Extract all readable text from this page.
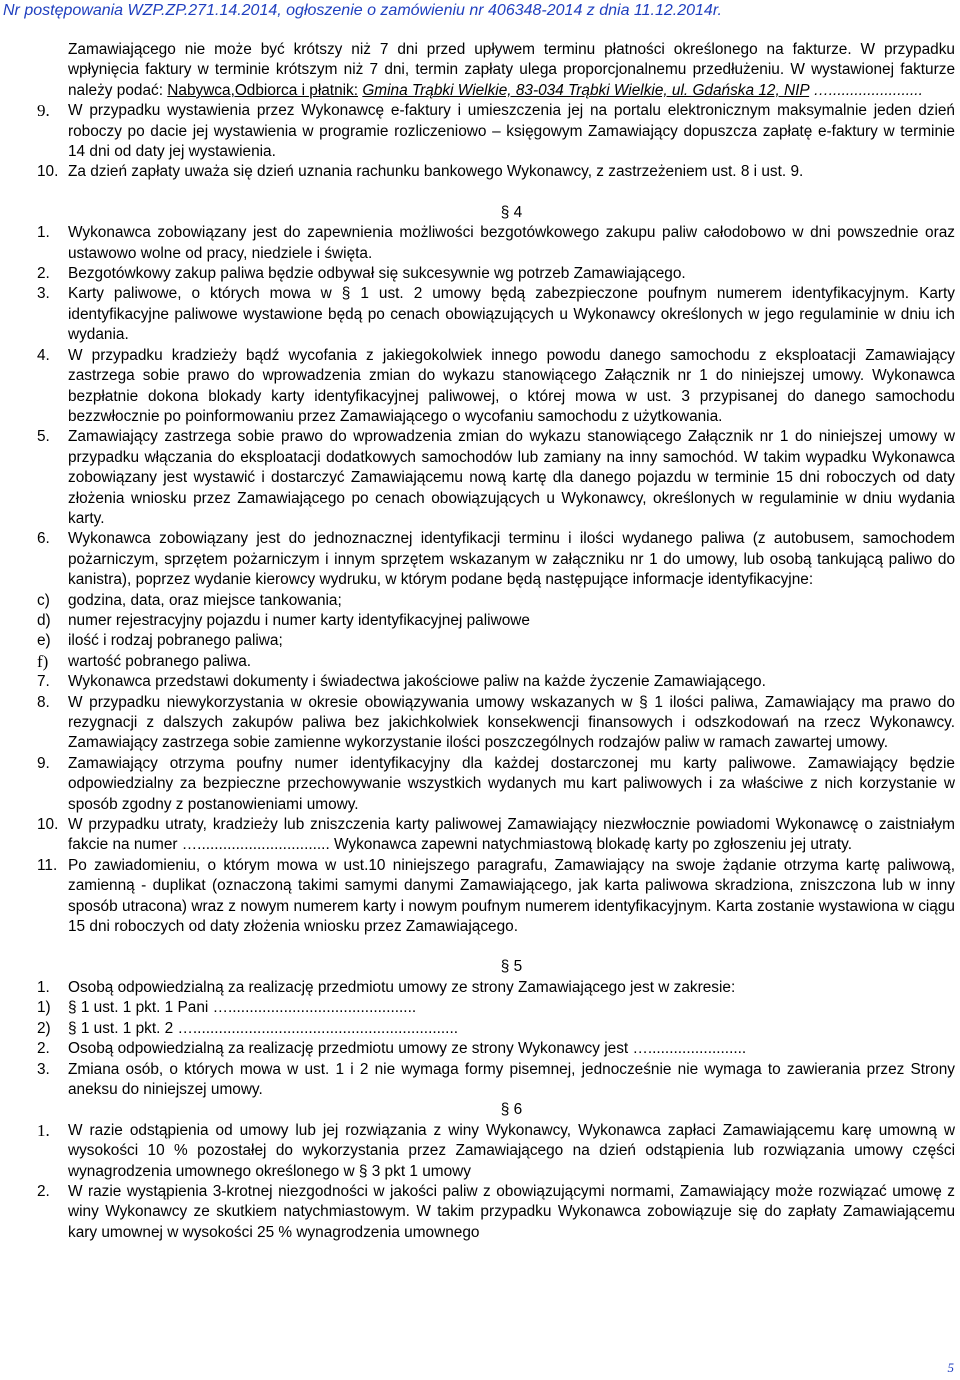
Nr postępowania WZP.ZP.271.14.2014, ogłoszenie o zamówieniu nr 406348-2014 z dnia 11.12.2014r.
Zamawiającego nie może być krótszy niż 7 dni przed upływem terminu płatności określonego na fakturze. W przypadku wpłynięcia faktury w terminie krótszym niż 7 dni, termin zapłaty ulega proporcjonalnemu przedłużeniu. W wystawionej fakturze należy podać: Nabywca,Odbiorca i płatnik: Gmina Trąbki Wielkie, 83-034 Trąbki Wielkie, ul. Gdańska 12, NIP …......................
9.	W przypadku wystawienia przez Wykonawcę e-faktury i umieszczenia jej na portalu elektronicznym maksymalnie jeden dzień roboczy po dacie jej wystawienia w programie rozliczeniowo – księgowym Zamawiający dopuszcza zapłatę e-faktury w terminie 14 dni od daty jej wystawienia.
10. Za dzień zapłaty uważa się dzień uznania rachunku bankowego Wykonawcy, z zastrzeżeniem ust. 8 i ust. 9.
§ 4
1.	Wykonawca zobowiązany jest do zapewnienia możliwości bezgotówkowego zakupu paliw całodobowo w dni powszednie oraz ustawowo wolne od pracy, niedziele i święta.
2.	Bezgotówkowy zakup paliwa będzie odbywał się sukcesywnie wg potrzeb Zamawiającego.
3.	Karty paliwowe, o których mowa w § 1 ust. 2 umowy będą zabezpieczone poufnym numerem identyfikacyjnym. Karty identyfikacyjne paliwowe wystawione będą po cenach obowiązujących u Wykonawcy określonych w jego regulaminie w dniu ich wydania.
4.	W przypadku kradzieży bądź wycofania z jakiegokolwiek innego powodu danego samochodu z eksploatacji Zamawiający zastrzega sobie prawo do wprowadzenia zmian do wykazu stanowiącego Załącznik nr 1 do niniejszej umowy. Wykonawca bezpłatnie dokona blokady karty identyfikacyjnej paliwowej, o której mowa w ust. 3 przypisanej do danego samochodu bezzwłocznie po poinformowaniu przez Zamawiającego o wycofaniu samochodu z użytkowania.
5.	Zamawiający zastrzega sobie prawo do wprowadzenia zmian do wykazu stanowiącego Załącznik nr 1 do niniejszej umowy w przypadku włączania do eksploatacji dodatkowych samochodów lub zamiany na inny samochód. W takim wypadku Wykonawca zobowiązany jest wystawić i dostarczyć Zamawiającemu nową kartę dla danego pojazdu w terminie 15 dni roboczych od daty złożenia wniosku przez Zamawiającego po cenach obowiązujących u Wykonawcy, określonych w regulaminie w dniu wydania karty.
6.	Wykonawca zobowiązany jest do jednoznacznej identyfikacji terminu i ilości wydanego paliwa (z autobusem, samochodem pożarniczym, sprzętem pożarniczym i innym sprzętem wskazanym w załączniku nr 1 do umowy, lub osobą tankującą paliwo do kanistra), poprzez wydanie kierowcy wydruku, w którym podane będą następujące informacje identyfikacyjne:
c)	godzina, data, oraz miejsce tankowania;
d)	numer rejestracyjny pojazdu i numer karty identyfikacyjnej paliwowe
e)	ilość i rodzaj pobranego paliwa;
f)	wartość pobranego paliwa.
7.	Wykonawca przedstawi dokumenty i świadectwa jakościowe paliw na każde życzenie Zamawiającego.
8.	W przypadku niewykorzystania w okresie obowiązywania umowy wskazanych w § 1 ilości paliwa, Zamawiający ma prawo do rezygnacji z dalszych zakupów paliwa bez jakichkolwiek konsekwencji finansowych i odszkodowań na rzecz Wykonawcy. Zamawiający zastrzega sobie zamienne wykorzystanie ilości poszczególnych rodzajów paliw w ramach zawartej umowy.
9.	Zamawiający otrzyma poufny numer identyfikacyjny dla każdej dostarczonej mu karty paliwowe. Zamawiający będzie odpowiedzialny za bezpieczne przechowywanie wszystkich wydanych mu kart paliwowych i za właściwe z nich korzystanie w sposób zgodny z postanowieniami umowy.
10. W przypadku utraty, kradzieży lub zniszczenia karty paliwowej Zamawiający niezwłocznie powiadomi Wykonawcę o zaistniałym fakcie na numer …............................... Wykonawca zapewni natychmiastową blokadę karty po zgłoszeniu jej utraty.
11. Po zawiadomieniu, o którym mowa w ust.10 niniejszego paragrafu, Zamawiający na swoje żądanie otrzyma kartę paliwową, zamienną - duplikat (oznaczoną takimi samymi danymi Zamawiającego, jak karta paliwowa skradziona, zniszczona lub w inny sposób utracona) wraz z nowym numerem karty i nowym poufnym numerem identyfikacyjnym. Karta zostanie wystawiona w ciągu 15 dni roboczych od daty złożenia wniosku przez Zamawiającego.
§ 5
1.	Osobą odpowiedzialną za realizację przedmiotu umowy ze strony Zamawiającego jest w zakresie:
1)	§ 1 ust. 1 pkt. 1 Pani …............................................
2)	§ 1 ust. 1 pkt. 2 …..............................................................
2.	Osobą odpowiedzialną za realizację przedmiotu umowy ze strony Wykonawcy jest ….......................
3.	Zmiana osób, o których mowa w ust. 1 i 2 nie wymaga formy pisemnej, jednocześnie nie wymaga to zawierania przez Strony aneksu do niniejszej umowy.
§ 6
1.	W razie odstąpienia od umowy lub jej rozwiązania z winy Wykonawcy, Wykonawca zapłaci Zamawiającemu karę umowną w wysokości 10 % pozostałej do wykorzystania przez Zamawiającego na dzień odstąpienia lub rozwiązania umowy części wynagrodzenia umownego określonego w § 3 pkt 1 umowy
2.	W razie wystąpienia 3-krotnej niezgodności w jakości paliw z obowiązującymi normami, Zamawiający może rozwiązać umowę z winy Wykonawcy ze skutkiem natychmiastowym. W takim przypadku Wykonawca zobowiązuje się do zapłaty Zamawiającemu kary umownej w wysokości 25 % wynagrodzenia umownego
5
